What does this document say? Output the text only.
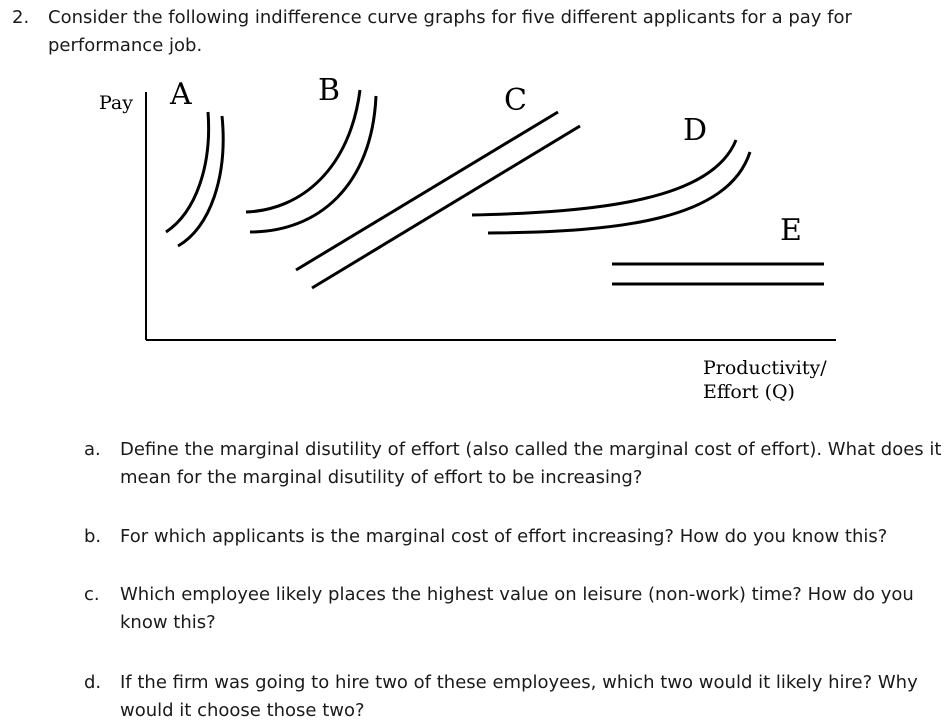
2. Consider the following indifference curve graphs for five different applicants for a pay for performance job.
Pay A	B	C
D
E
Productivity/
Effort (Q)
a. Define the marginal disutility of effort (also called the marginal cost of effort). What does it mean for the marginal disutility of effort to be increasing?
b. For which applicants is the marginal cost of effort increasing? How do you know this?
c. Which employee likely places the highest value on leisure (non-work) time? How do you know this?
d. If the firm was going to hire two of these employees, which two would it likely hire? Why would it choose those two?
